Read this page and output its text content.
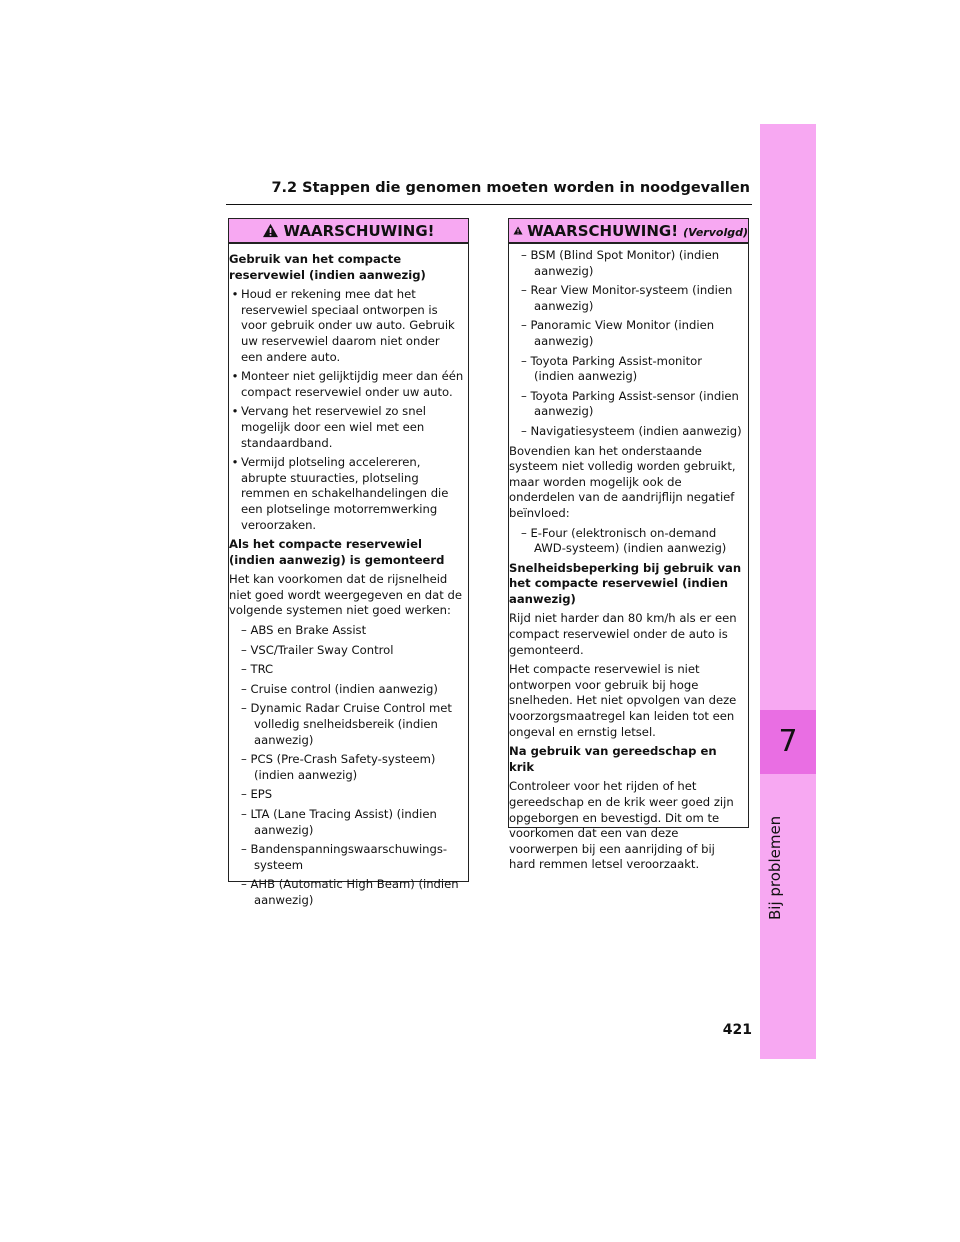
7
Bij problemen
7.2 Stappen die genomen moeten worden in noodgevallen
WAARSCHUWING!

Gebruik van het compacte reservewiel (indien aanwezig)

• Houd er rekening mee dat het reservewiel speciaal ontworpen is voor gebruik onder uw auto. Gebruik uw reservewiel daarom niet onder een andere auto.

• Monteer niet gelijktijdig meer dan één compact reservewiel onder uw auto.

• Vervang het reservewiel zo snel mogelijk door een wiel met een standaardband.

• Vermijd plotseling accelereren, abrupte stuuracties, plotseling remmen en schakelhandelingen die een plotselinge motorremwerking veroorzaken.

Als het compacte reservewiel (indien aanwezig) is gemonteerd

Het kan voorkomen dat de rijsnelheid niet goed wordt weergegeven en dat de volgende systemen niet goed werken:

– ABS en Brake Assist

– VSC/Trailer Sway Control

– TRC

– Cruise control (indien aanwezig)

– Dynamic Radar Cruise Control met volledig snelheidsbereik (indien aanwezig)

– PCS (Pre-Crash Safety-systeem) (indien aanwezig)

– EPS

– LTA (Lane Tracing Assist) (indien aanwezig)

– Bandenspanningswaarschuwings-systeem

– AHB (Automatic High Beam) (indien aanwezig)

WAARSCHUWING! (Vervolgd)

– BSM (Blind Spot Monitor) (indien aanwezig)

– Rear View Monitor-systeem (indien aanwezig)

– Panoramic View Monitor (indien aanwezig)

– Toyota Parking Assist-monitor (indien aanwezig)

– Toyota Parking Assist-sensor (indien aanwezig)

– Navigatiesysteem (indien aanwezig)

Bovendien kan het onderstaande systeem niet volledig worden gebruikt, maar worden mogelijk ook de onderdelen van de aandrijflijn negatief beïnvloed:

– E-Four (elektronisch on-demand AWD-systeem) (indien aanwezig)

Snelheidsbeperking bij gebruik van het compacte reservewiel (indien aanwezig)

Rijd niet harder dan 80 km/h als er een compact reservewiel onder de auto is gemonteerd.

Het compacte reservewiel is niet ontworpen voor gebruik bij hoge snelheden. Het niet opvolgen van deze voorzorgsmaatregel kan leiden tot een ongeval en ernstig letsel.

Na gebruik van gereedschap en krik

Controleer voor het rijden of het gereedschap en de krik weer goed zijn opgeborgen en bevestigd. Dit om te voorkomen dat een van deze voorwerpen bij een aanrijding of bij hard remmen letsel veroorzaakt.

421
